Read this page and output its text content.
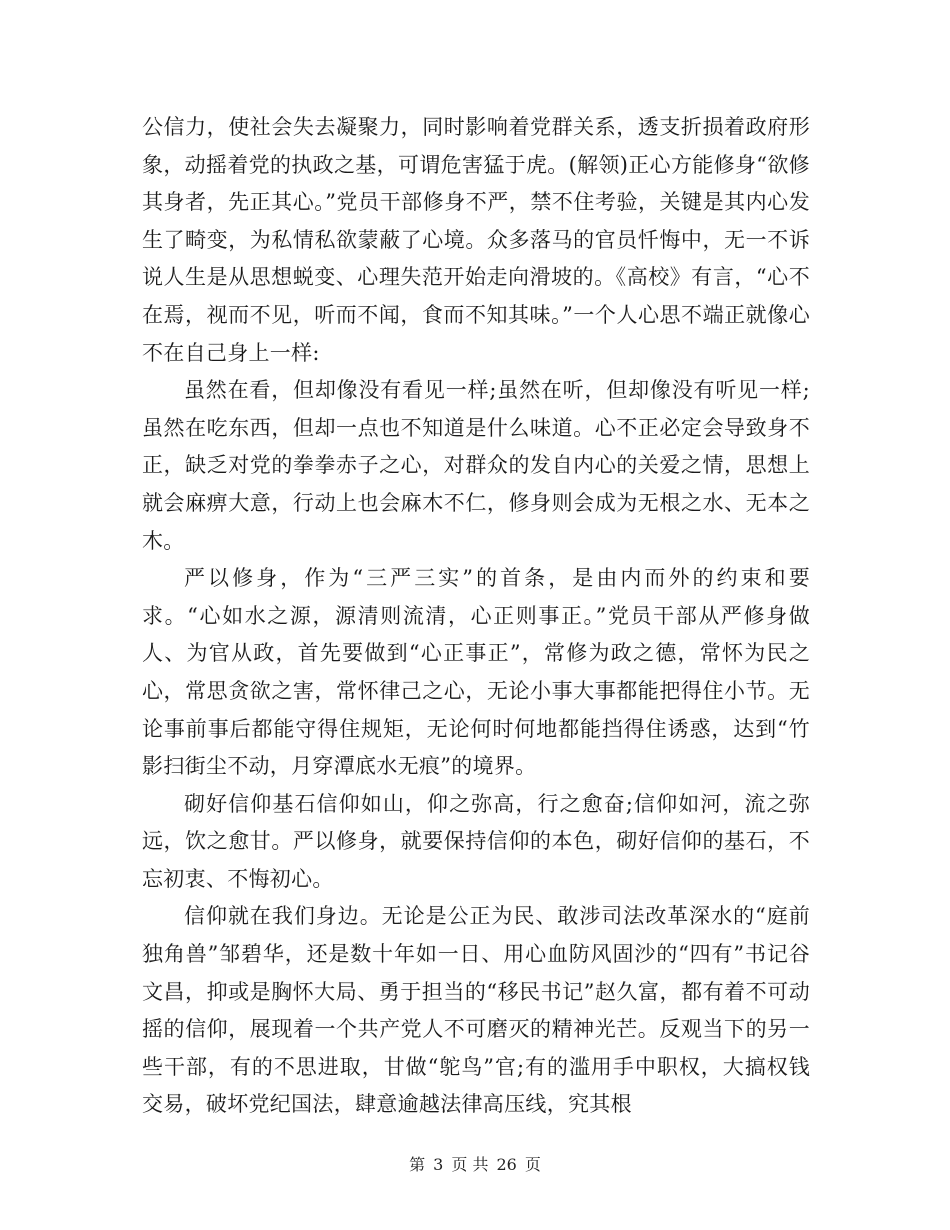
公信力，使社会失去凝聚力，同时影响着党群关系，透支折损着政府形象，动摇着党的执政之基，可谓危害猛于虎。(解领)正心方能修身“欲修其身者，先正其心。”党员干部修身不严，禁不住考验，关键是其内心发生了畸变，为私情私欲蒙蔽了心境。众多落马的官员忏悔中，无一不诉说人生是从思想蜕变、心理失范开始走向滑坡的。《高校》有言，“心不在焉，视而不见，听而不闻，食而不知其味。”一个人心思不端正就像心不在自己身上一样:

虽然在看，但却像没有看见一样;虽然在听，但却像没有听见一样;虽然在吃东西，但却一点也不知道是什么味道。心不正必定会导致身不正，缺乏对党的拳拳赤子之心，对群众的发自内心的关爱之情，思想上就会麻痹大意，行动上也会麻木不仁，修身则会成为无根之水、无本之木。

严以修身，作为“三严三实”的首条，是由内而外的约束和要求。“心如水之源，源清则流清，心正则事正。”党员干部从严修身做人、为官从政，首先要做到“心正事正”，常修为政之德，常怀为民之心，常思贪欲之害，常怀律己之心，无论小事大事都能把得住小节。无论事前事后都能守得住规矩，无论何时何地都能挡得住诱惑，达到“竹影扫街尘不动，月穿潭底水无痕”的境界。

砌好信仰基石信仰如山，仰之弥高，行之愈奋;信仰如河，流之弥远，饮之愈甘。严以修身，就要保持信仰的本色，砌好信仰的基石，不忘初衷、不悔初心。

信仰就在我们身边。无论是公正为民、敢涉司法改革深水的“庭前独角兽”邹碧华，还是数十年如一日、用心血防风固沙的“四有”书记谷文昌，抑或是胸怀大局、勇于担当的“移民书记”赵久富，都有着不可动摇的信仰，展现着一个共产党人不可磨灭的精神光芒。反观当下的另一些干部，有的不思进取，甘做“鸵鸟”官;有的滥用手中职权，大搞权钱交易，破坏党纪国法，肆意逾越法律高压线，究其根

第 3 页 共 26 页
